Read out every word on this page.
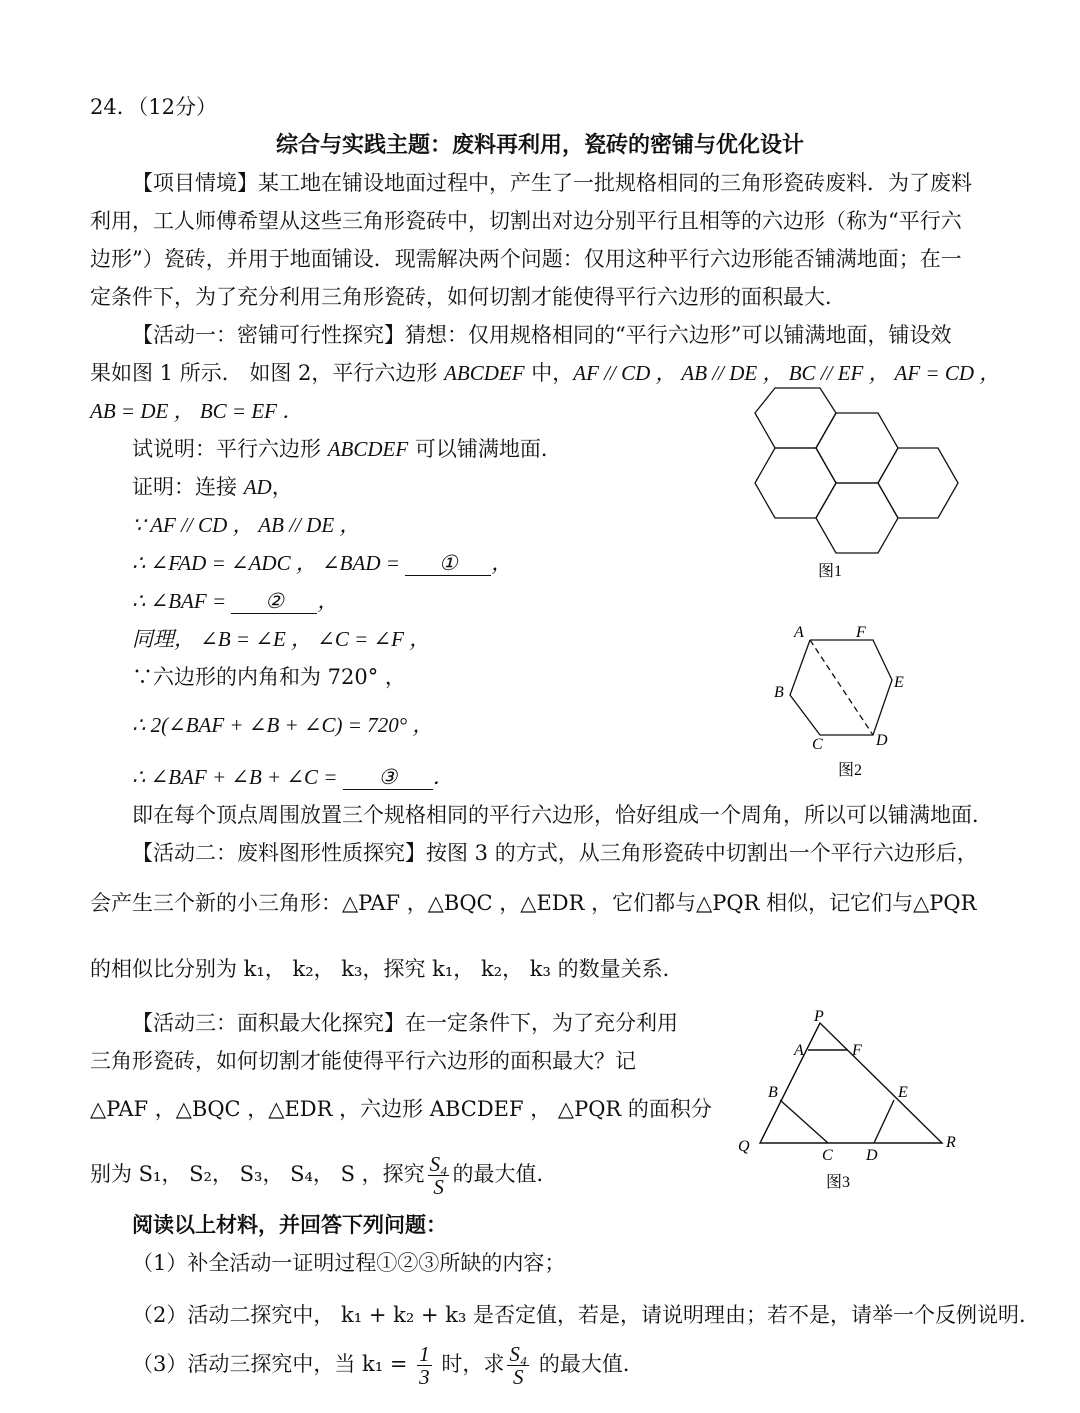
24．（12分）
综合与实践主题：废料再利用，瓷砖的密铺与优化设计
【项目情境】某工地在铺设地面过程中，产生了一批规格相同的三角形瓷砖废料．为了废料
利用，工人师傅希望从这些三角形瓷砖中，切割出对边分别平行且相等的六边形（称为“平行六
边形”）瓷砖，并用于地面铺设．现需解决两个问题：仅用这种平行六边形能否铺满地面；在一
定条件下，为了充分利用三角形瓷砖，如何切割才能使得平行六边形的面积最大．
【活动一：密铺可行性探究】猜想：仅用规格相同的“平行六边形”可以铺满地面，铺设效
果如图 1 所示． 如图 2，平行六边形 ABCDEF 中，AF // CD ， AB // DE ， BC // EF ， AF = CD ，
AB = DE ， BC = EF ．
试说明：平行六边形 ABCDEF 可以铺满地面．
证明：连接 AD，
∵ AF // CD ， AB // DE ，
∴ ∠FAD = ∠ADC ， ∠BAD = ① ，
∴ ∠BAF = ② ，
同理， ∠B = ∠E ， ∠C = ∠F ，
∵六边形的内角和为 720° ，
∴ 2(∠BAF + ∠B + ∠C) = 720° ，
∴ ∠BAF + ∠B + ∠C = ③ ．
即在每个顶点周围放置三个规格相同的平行六边形，恰好组成一个周角，所以可以铺满地面．
【活动二：废料图形性质探究】按图 3 的方式，从三角形瓷砖中切割出一个平行六边形后，
会产生三个新的小三角形：△PAF ，△BQC ，△EDR ，它们都与△PQR 相似，记它们与△PQR
的相似比分别为 k₁， k₂， k₃，探究 k₁， k₂， k₃ 的数量关系．
【活动三：面积最大化探究】在一定条件下，为了充分利用
三角形瓷砖，如何切割才能使得平行六边形的面积最大？记
△PAF ，△BQC ，△EDR ，六边形 ABCDEF ， △PQR 的面积分
别为 S₁， S₂， S₃， S₄， S ，探究 $\frac{\text{S₄}}{S}$ 的最大值．
阅读以上材料，并回答下列问题：
（1）补全活动一证明过程①②③所缺的内容；
（2）活动二探究中， k₁ + k₂ + k₃ 是否定值，若是，请说明理由；若不是，请举一个反例说明．
（3）活动三探究中，当 $k_1 = \frac{1}{3}$ 时，求 $\frac{\text{S₄}}{S}$ 的最大值．
图1
A	F
E
B
C	D
图2
P
A	F
B	E
Q	R
C D
图3
